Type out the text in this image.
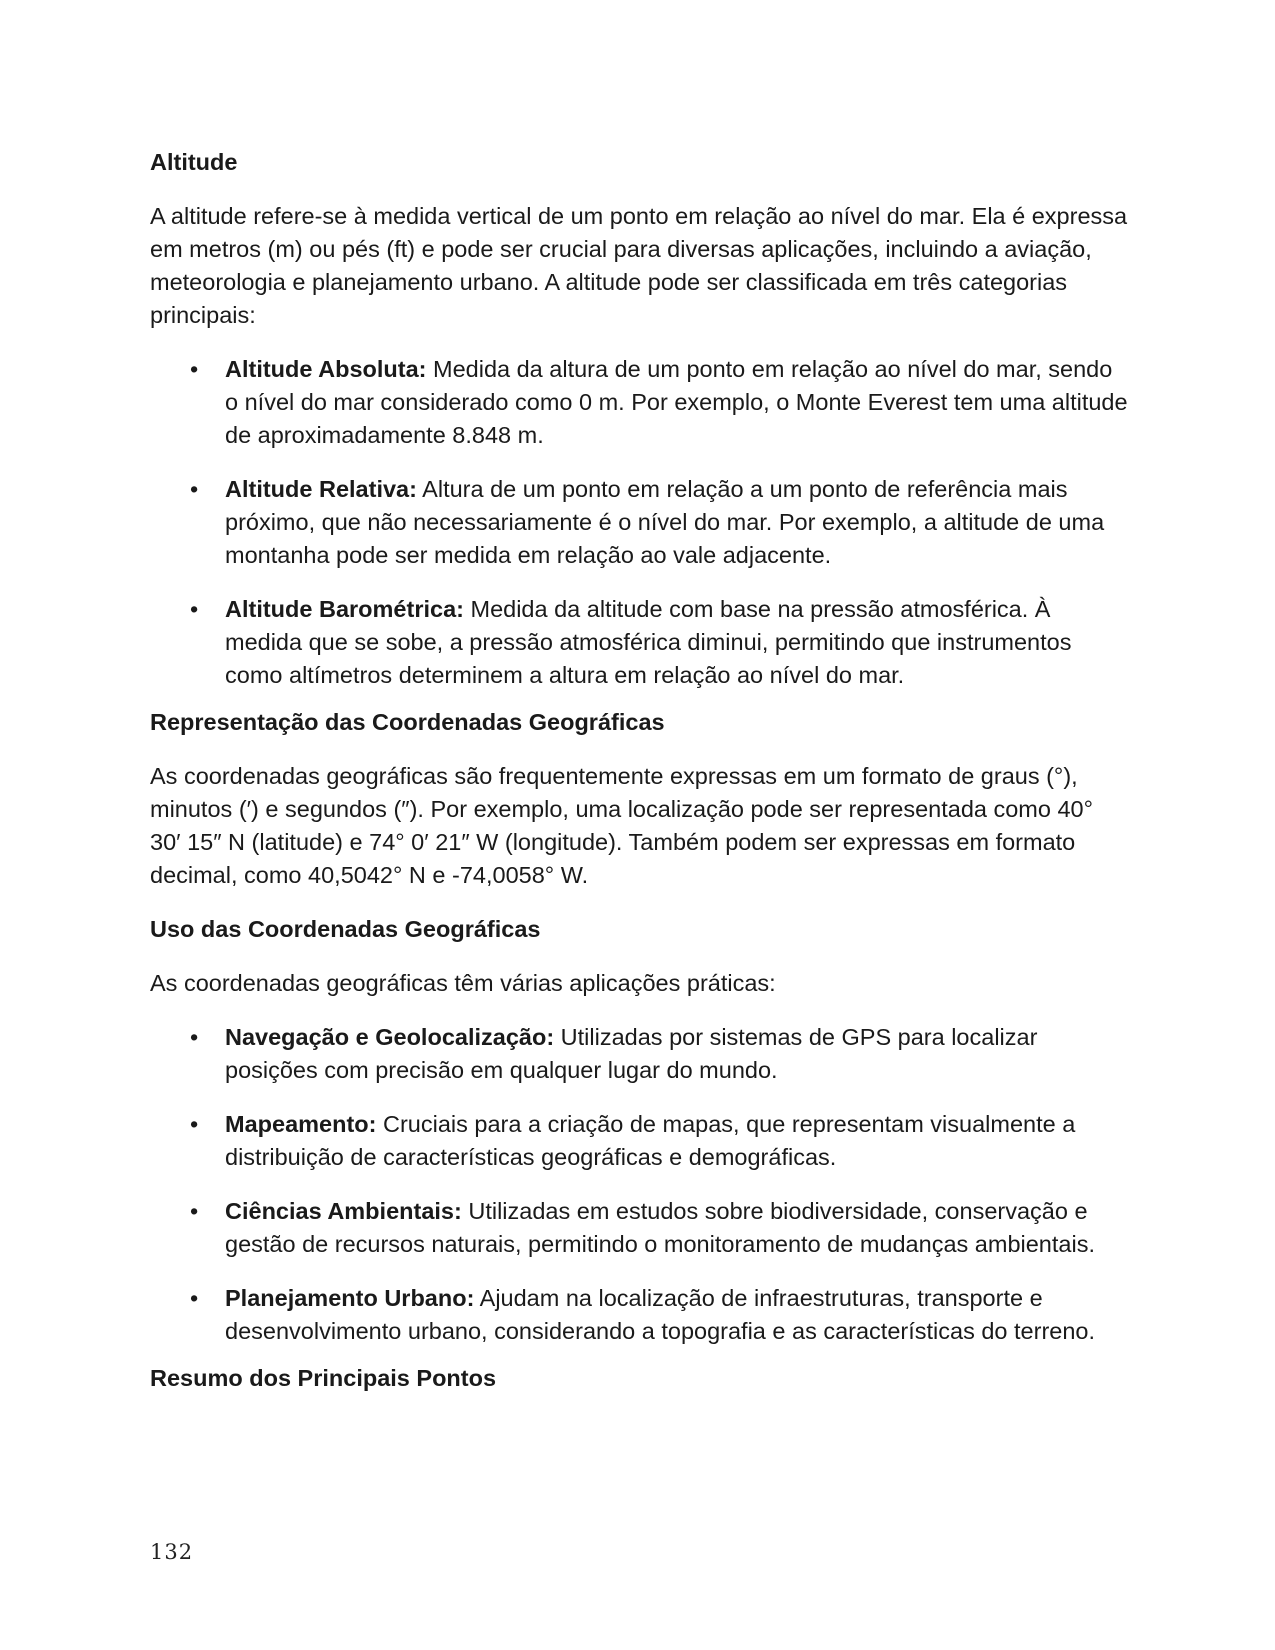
Altitude

A altitude refere-se à medida vertical de um ponto em relação ao nível do mar. Ela é expressa em metros (m) ou pés (ft) e pode ser crucial para diversas aplicações, incluindo a aviação, meteorologia e planejamento urbano. A altitude pode ser classificada em três categorias principais:

• Altitude Absoluta: Medida da altura de um ponto em relação ao nível do mar, sendo o nível do mar considerado como 0 m. Por exemplo, o Monte Everest tem uma altitude de aproximadamente 8.848 m.
• Altitude Relativa: Altura de um ponto em relação a um ponto de referência mais próximo, que não necessariamente é o nível do mar. Por exemplo, a altitude de uma montanha pode ser medida em relação ao vale adjacente.
• Altitude Barométrica: Medida da altitude com base na pressão atmosférica. À medida que se sobe, a pressão atmosférica diminui, permitindo que instrumentos como altímetros determinem a altura em relação ao nível do mar.
Representação das Coordenadas Geográficas

As coordenadas geográficas são frequentemente expressas em um formato de graus (°), minutos (′) e segundos (″). Por exemplo, uma localização pode ser representada como 40° 30′ 15″ N (latitude) e 74° 0′ 21″ W (longitude). Também podem ser expressas em formato decimal, como 40,5042° N e -74,0058° W.

Uso das Coordenadas Geográficas

As coordenadas geográficas têm várias aplicações práticas:

• Navegação e Geolocalização: Utilizadas por sistemas de GPS para localizar posições com precisão em qualquer lugar do mundo.
• Mapeamento: Cruciais para a criação de mapas, que representam visualmente a distribuição de características geográficas e demográficas.
• Ciências Ambientais: Utilizadas em estudos sobre biodiversidade, conservação e gestão de recursos naturais, permitindo o monitoramento de mudanças ambientais.
• Planejamento Urbano: Ajudam na localização de infraestruturas, transporte e desenvolvimento urbano, considerando a topografia e as características do terreno.
Resumo dos Principais Pontos
132
